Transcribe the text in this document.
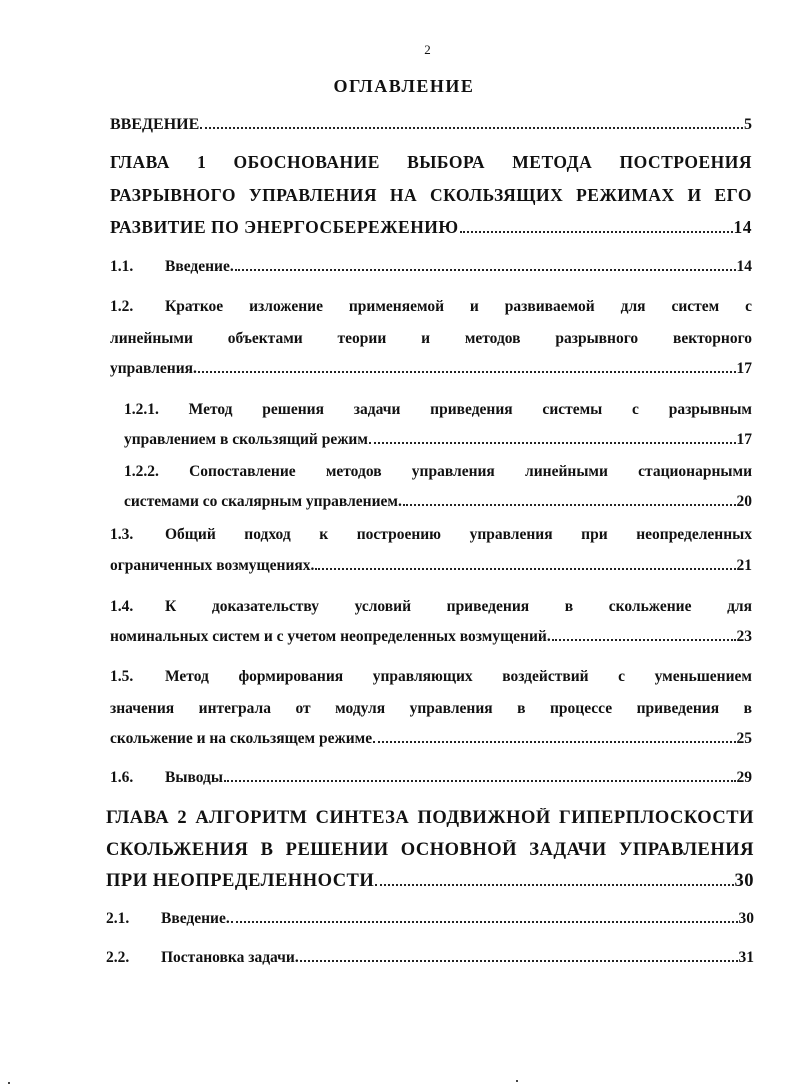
2
ОГЛАВЛЕНИЕ
ВВЕДЕНИЕ	5
ГЛАВА 1 ОБОСНОВАНИЕ ВЫБОРА МЕТОДА ПОСТРОЕНИЯ
РАЗРЫВНОГО УПРАВЛЕНИЯ НА СКОЛЬЗЯЩИХ РЕЖИМАХ И ЕГО
РАЗВИТИЕ ПО ЭНЕРГОСБЕРЕЖЕНИЮ	14
1.1.	Введение.	14
1.2.	Краткое изложение применяемой и развиваемой для систем с
линейными объектами теории и методов разрывного векторного
управления.	17
1.2.1. Метод решения задачи приведения системы с разрывным
управлением в скользящий режим	17
1.2.2. Сопоставление методов управления линейными стационарными
системами со скалярным управлением.	20
1.3.	Общий подход к построению управления при неопределенных
ограниченных возмущениях.	21
1.4.	К доказательству условий приведения в скольжение для
номинальных систем и с учетом неопределенных возмущений.	23
1.5.	Метод формирования управляющих воздействий с уменьшением
значения интеграла от модуля управления в процессе приведения в
скольжение и на скользящем режиме	25
1.6.	Выводы	29
ГЛАВА 2 АЛГОРИТМ СИНТЕЗА ПОДВИЖНОЙ ГИПЕРПЛОСКОСТИ
СКОЛЬЖЕНИЯ В РЕШЕНИИ ОСНОВНОЙ ЗАДАЧИ УПРАВЛЕНИЯ
ПРИ НЕОПРЕДЕЛЕННОСТИ	30
2.1.	Введение.	30
2.2.	Постановка задачи.	31
